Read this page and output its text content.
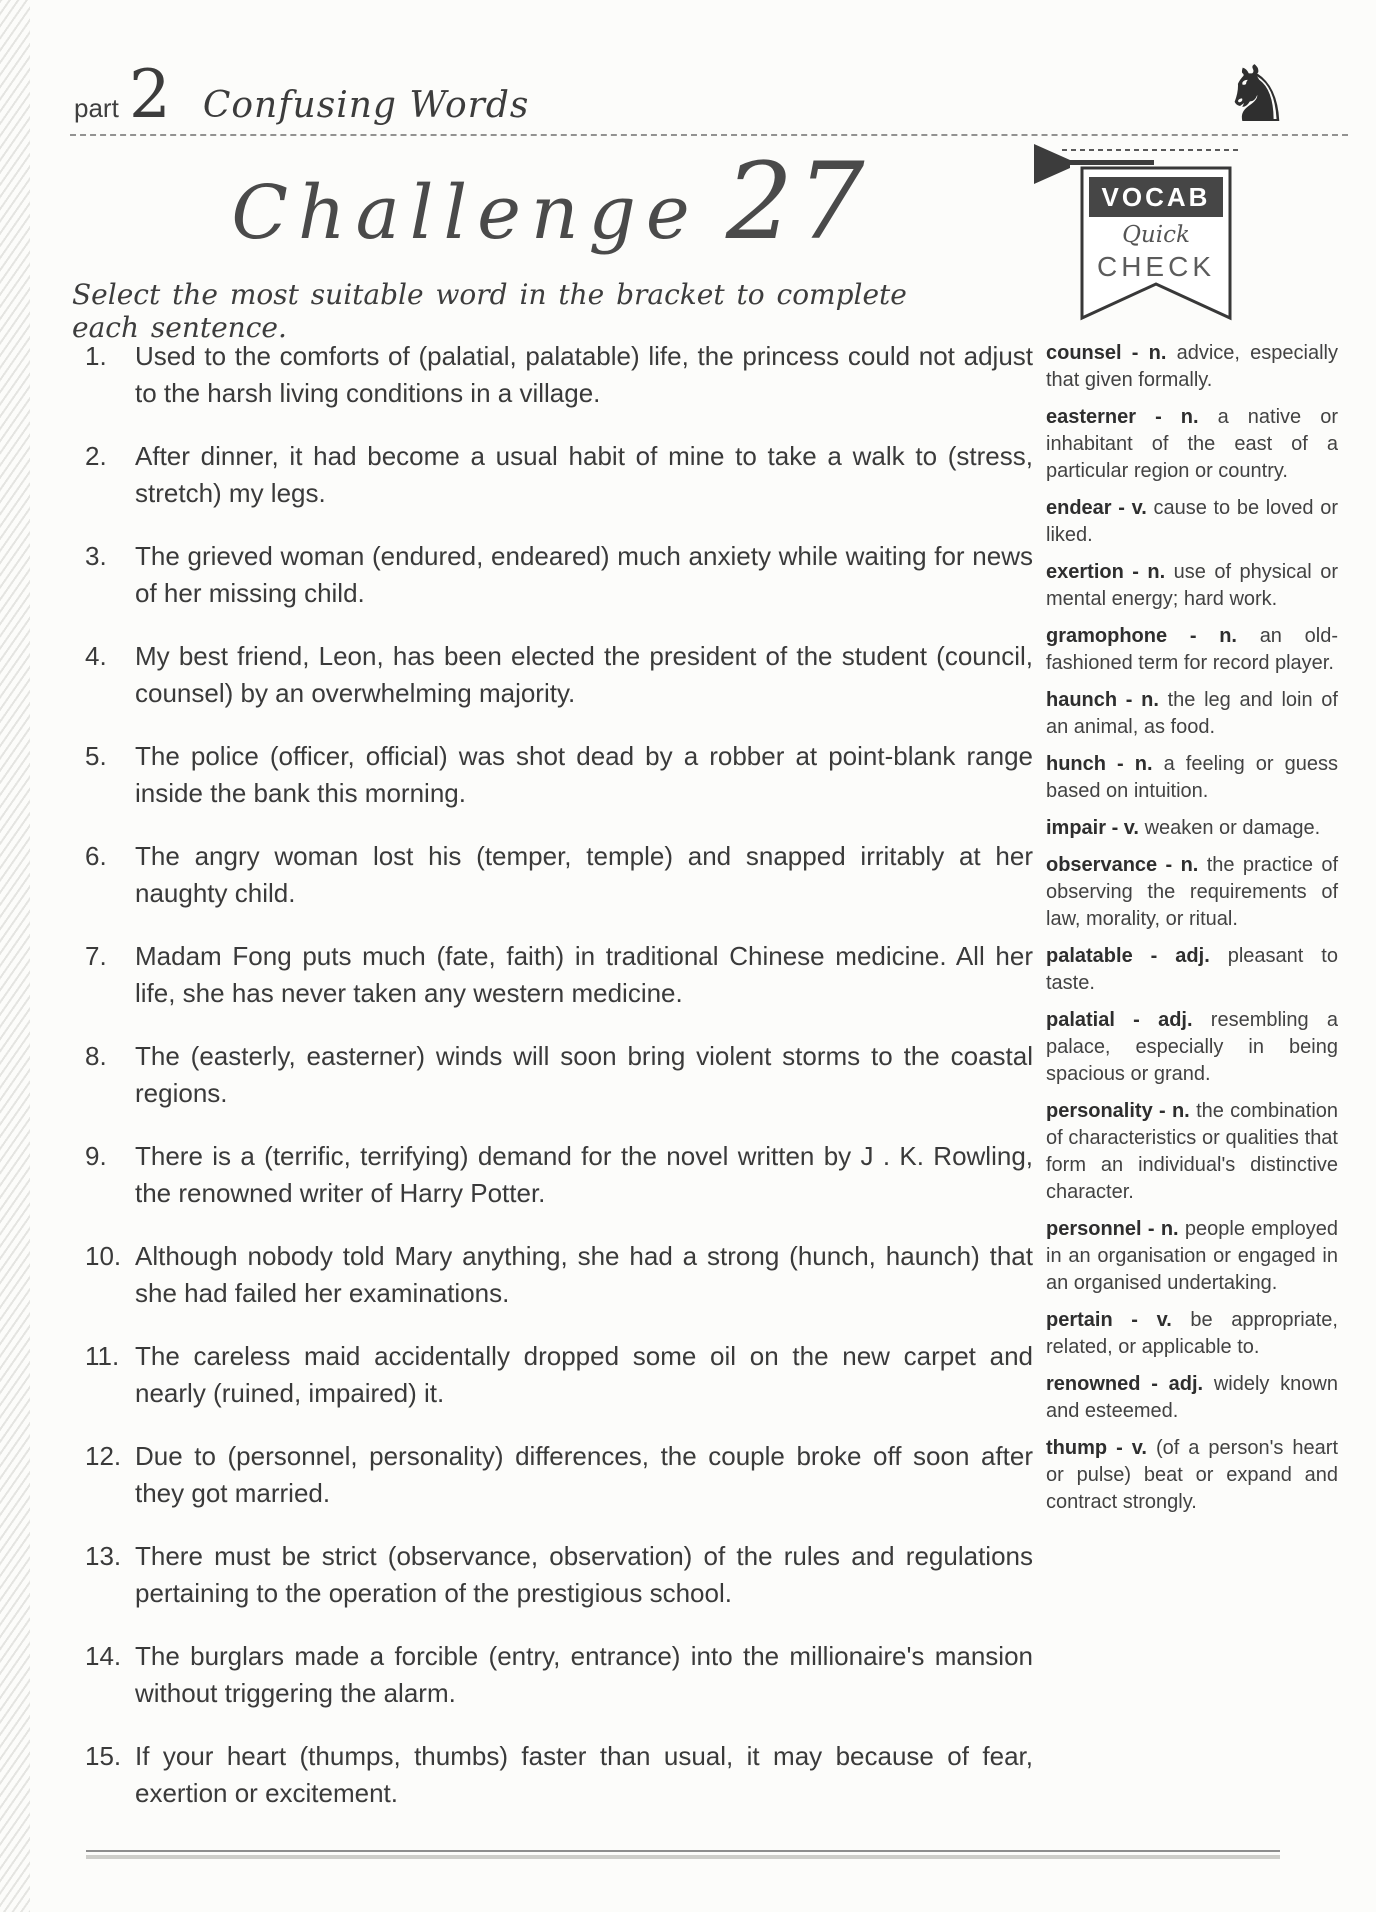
part 2 Confusing Words	♞
Challenge 27	VOCAB
Quick
CHECK

Select the most suitable word in the bracket to complete each sentence.

1.	Used to the comforts of (palatial, palatable) life, the princess could not adjust to the harsh living conditions in a village.

2.	After dinner, it had become a usual habit of mine to take a walk to (stress, stretch) my legs.

3.	The grieved woman (endured, endeared) much anxiety while waiting for news of her missing child.

4.	My best friend, Leon, has been elected the president of the student (council, counsel) by an overwhelming majority.

5.	The police (officer, official) was shot dead by a robber at point-blank range inside the bank this morning.

6.	The angry woman lost his (temper, temple) and snapped irritably at her naughty child.

7.	Madam Fong puts much (fate, faith) in traditional Chinese medicine. All her life, she has never taken any western medicine.

8.	The (easterly, easterner) winds will soon bring violent storms to the coastal regions.

9.	There is a (terrific, terrifying) demand for the novel written by J . K. Rowling, the renowned writer of Harry Potter.

10. Although nobody told Mary anything, she had a strong (hunch, haunch) that she had failed her examinations.

11. The careless maid accidentally dropped some oil on the new carpet and nearly (ruined, impaired) it.

12. Due to (personnel, personality) differences, the couple broke off soon after they got married.

13. There must be strict (observance, observation) of the rules and regulations pertaining to the operation of the prestigious school.

14. The burglars made a forcible (entry, entrance) into the millionaire's mansion without triggering the alarm.

15. If your heart (thumps, thumbs) faster than usual, it may because of fear, exertion or excitement.

counsel - n. advice, especially that given formally.

easterner - n. a native or inhabitant of the east of a particular region or country.

endear - v. cause to be loved or liked.

exertion - n. use of physical or mental energy; hard work.

gramophone - n. an old-fashioned term for record player.

haunch - n. the leg and loin of an animal, as food.

hunch - n. a feeling or guess based on intuition.

impair - v. weaken or damage.

observance - n. the practice of observing the requirements of law, morality, or ritual.

palatable - adj. pleasant to taste.

palatial - adj. resembling a palace, especially in being spacious or grand.

personality - n. the combination of characteristics or qualities that form an individual's distinctive character.

personnel - n. people employed in an organisation or engaged in an organised undertaking.

pertain - v. be appropriate, related, or applicable to.

renowned - adj. widely known and esteemed.

thump - v. (of a person's heart or pulse) beat or expand and contract strongly.
